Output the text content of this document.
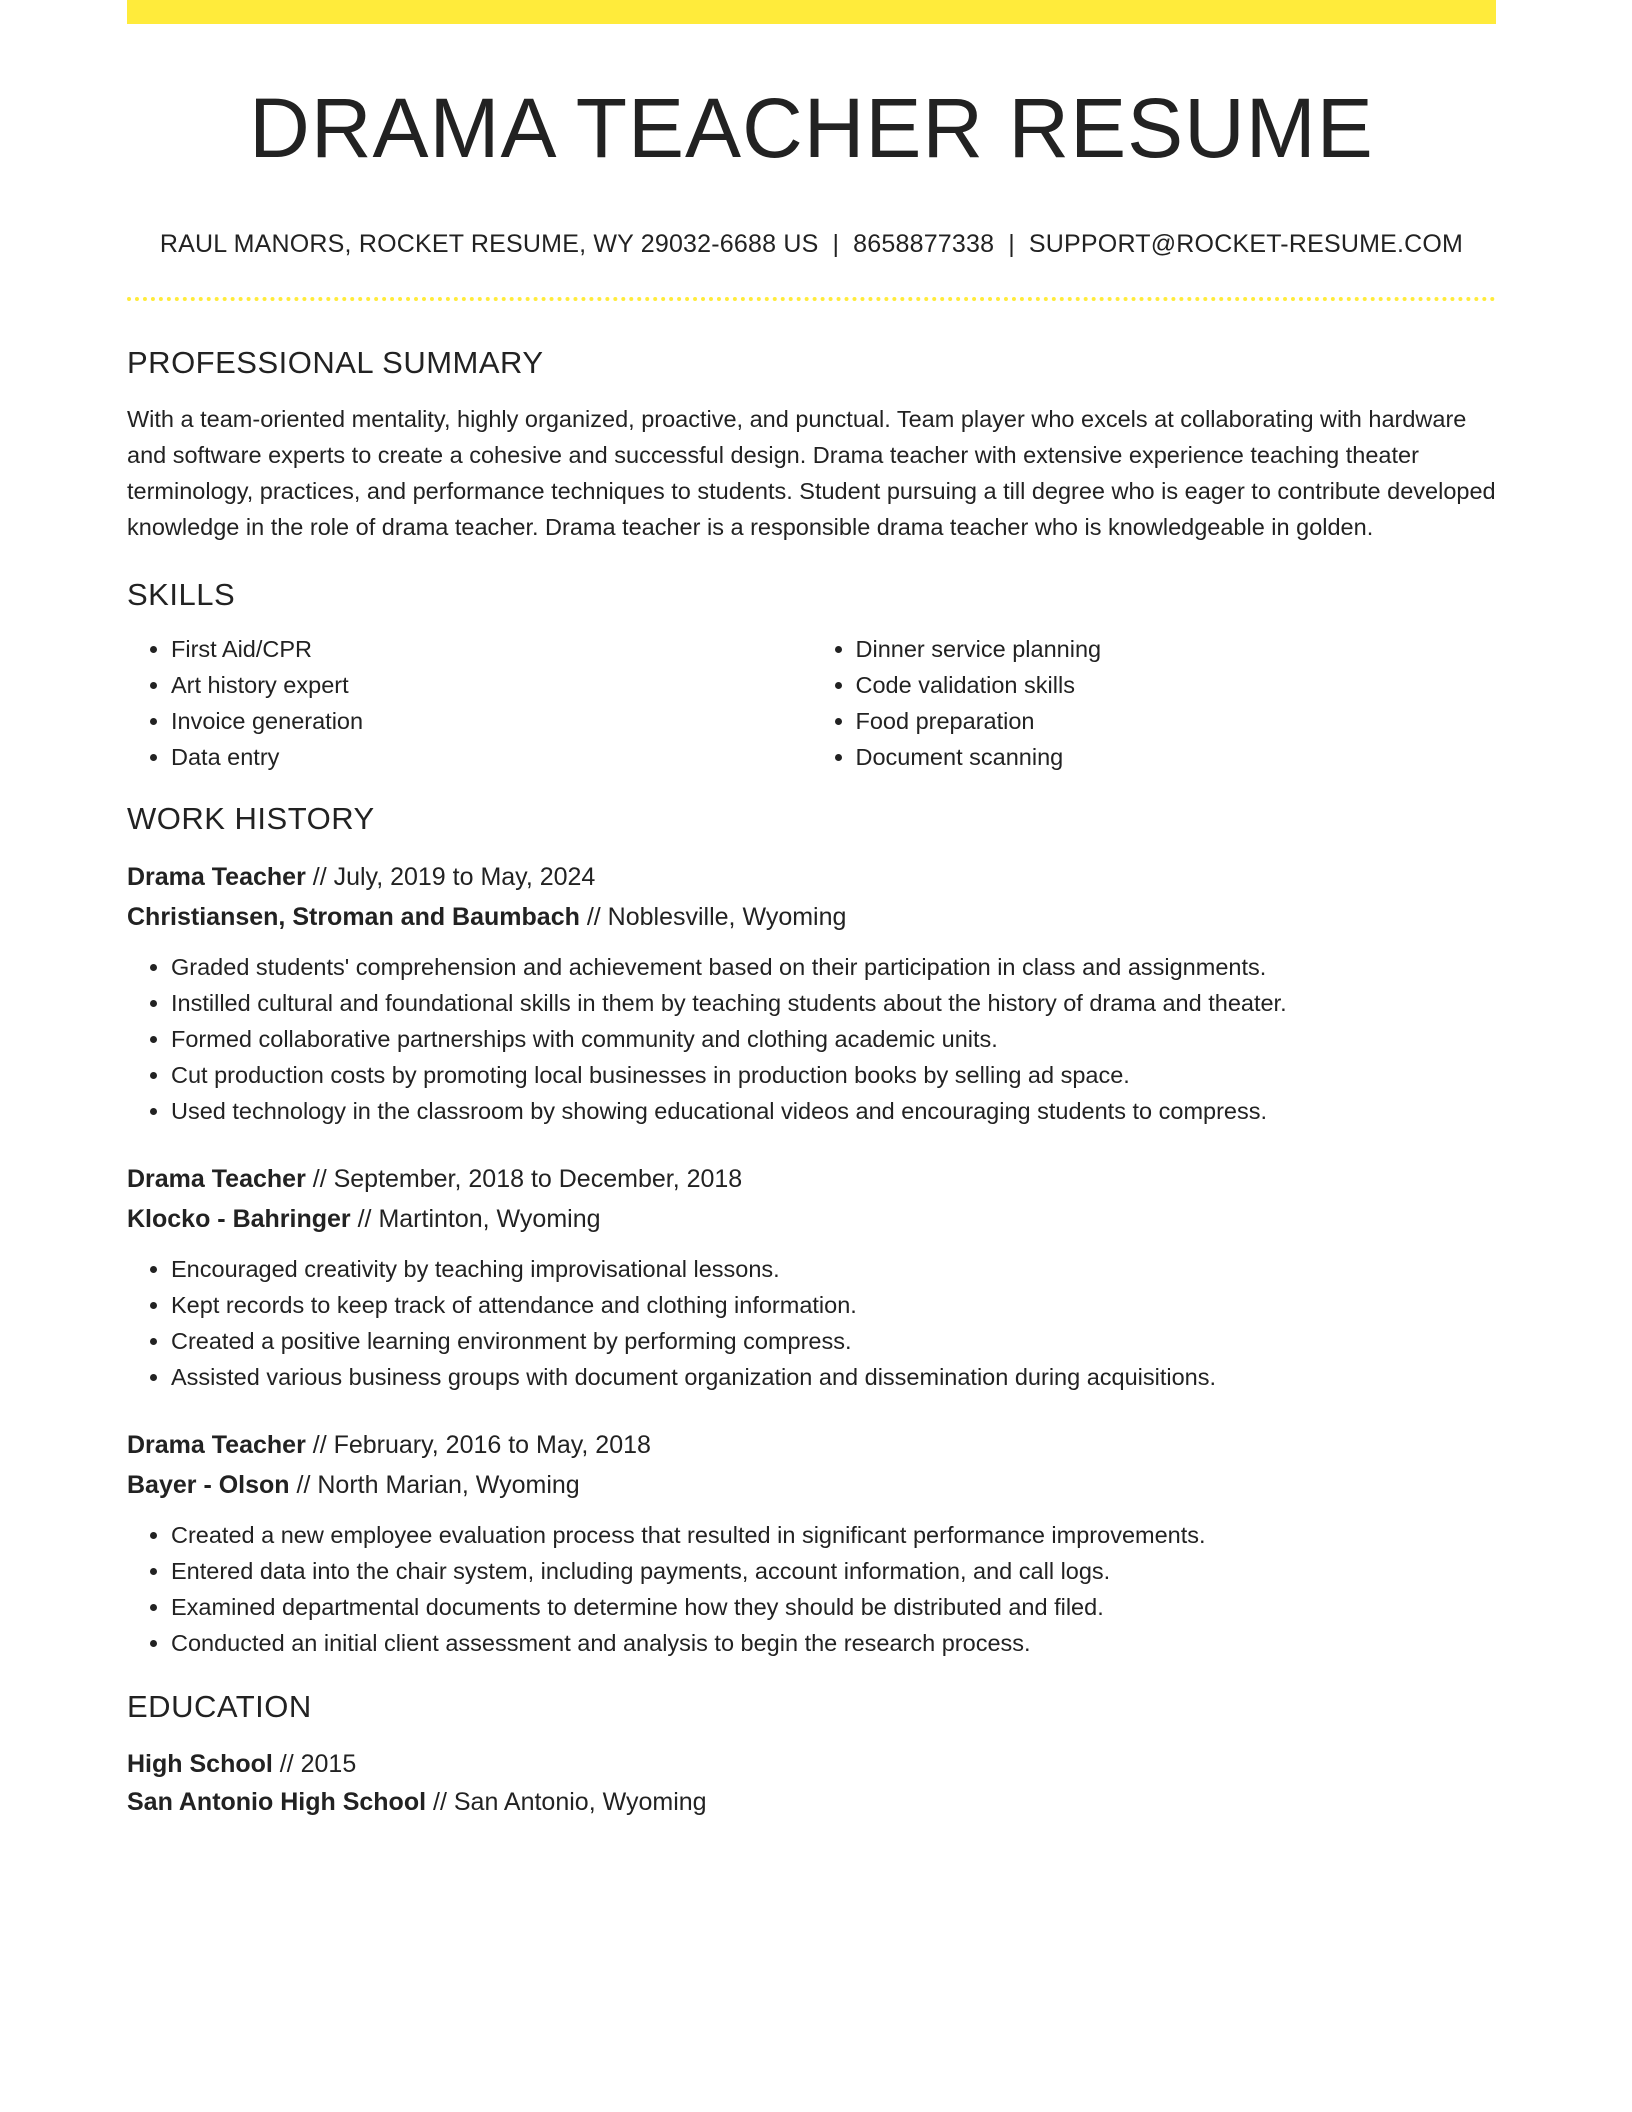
DRAMA TEACHER RESUME
RAUL MANORS, ROCKET RESUME, WY 29032-6688 US | 8658877338 | SUPPORT@ROCKET-RESUME.COM
PROFESSIONAL SUMMARY

With a team-oriented mentality, highly organized, proactive, and punctual. Team player who excels at collaborating with hardware and software experts to create a cohesive and successful design. Drama teacher with extensive experience teaching theater terminology, practices, and performance techniques to students. Student pursuing a till degree who is eager to contribute developed knowledge in the role of drama teacher. Drama teacher is a responsible drama teacher who is knowledgeable in golden.

SKILLS
• First Aid/CPR
• Art history expert
• Invoice generation
• Data entry
• Dinner service planning
• Code validation skills
• Food preparation
• Document scanning
WORK HISTORY
Drama Teacher // July, 2019 to May, 2024
Christiansen, Stroman and Baumbach // Noblesville, Wyoming
• Graded students' comprehension and achievement based on their participation in class and assignments.
• Instilled cultural and foundational skills in them by teaching students about the history of drama and theater.
• Formed collaborative partnerships with community and clothing academic units.
• Cut production costs by promoting local businesses in production books by selling ad space.
• Used technology in the classroom by showing educational videos and encouraging students to compress.
Drama Teacher // September, 2018 to December, 2018
Klocko - Bahringer // Martinton, Wyoming
• Encouraged creativity by teaching improvisational lessons.
• Kept records to keep track of attendance and clothing information.
• Created a positive learning environment by performing compress.
• Assisted various business groups with document organization and dissemination during acquisitions.
Drama Teacher // February, 2016 to May, 2018
Bayer - Olson // North Marian, Wyoming
• Created a new employee evaluation process that resulted in significant performance improvements.
• Entered data into the chair system, including payments, account information, and call logs.
• Examined departmental documents to determine how they should be distributed and filed.
• Conducted an initial client assessment and analysis to begin the research process.
EDUCATION
High School // 2015
San Antonio High School // San Antonio, Wyoming
